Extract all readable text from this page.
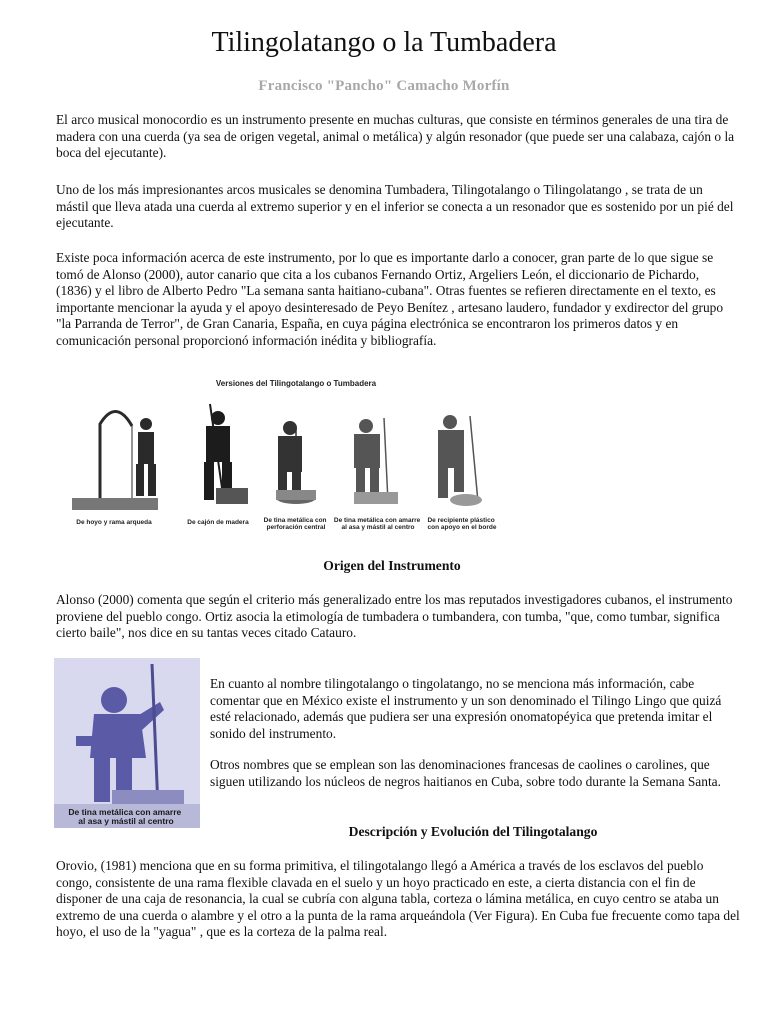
Tilingolatango o la Tumbadera
Francisco "Pancho" Camacho Morfín

El arco musical monocordio es un instrumento presente en muchas culturas, que consiste en términos generales de una tira de madera con una cuerda (ya sea de origen vegetal, animal o metálica) y algún resonador (que puede ser una calabaza, cajón o la boca del ejecutante).

Uno de los más impresionantes arcos musicales se denomina Tumbadera, Tilingotalango o Tilingolatango , se trata de un mástil que lleva atada una cuerda al extremo superior y en el inferior se conecta a un resonador que es sostenido por un pié del ejecutante.

Existe poca información acerca de este instrumento, por lo que es importante darlo a conocer, gran parte de lo que sigue se tomó de Alonso (2000), autor canario que cita a los cubanos Fernando Ortiz, Argeliers León, el diccionario de Pichardo, (1836) y el libro de Alberto Pedro "La semana santa haitiano-cubana". Otras fuentes se refieren directamente en el texto, es importante mencionar la ayuda y el apoyo desinteresado de Peyo Benítez , artesano laudero, fundador y exdirector del grupo "la Parranda de Terror", de Gran Canaria, España, en cuya página electrónica se encontraron los primeros datos y en comunicación personal proporcionó información inédita y bibliografía.

Versiones del Tilingotalango o Tumbadera
De hoyo y rama arqueda	De cajón de madera De tina metálica con perforación central
De tina metálica con amarre al asa y mástil al centro
De recipiente plástico con apoyo en el borde
Origen del Instrumento

Alonso (2000) comenta que según el criterio más generalizado entre los mas reputados investigadores cubanos, el instrumento proviene del pueblo congo. Ortiz asocia la etimología de tumbadera o tumbandera, con tumba, "que, como tumbar, significa cierto baile", nos dice en su tantas veces citado Catauro.

De tina metálica con amarre al asa y mástil al centro

En cuanto al nombre tilingotalango o tingolatango, no se menciona más información, cabe comentar que en México existe el instrumento y un son denominado el Tilingo Lingo que quizá esté relacionado, además que pudiera ser una expresión onomatopéyica que pretenda imitar el sonido del instrumento.

Otros nombres que se emplean son las denominaciones francesas de caolines o carolines, que siguen utilizando los núcleos de negros haitianos en Cuba, sobre todo durante la Semana Santa.

Descripción y Evolución del Tilingotalango

Orovio, (1981) menciona que en su forma primitiva, el tilingotalango llegó a América a través de los esclavos del pueblo congo, consistente de una rama flexible clavada en el suelo y un hoyo practicado en este, a cierta distancia con el fin de disponer de una caja de resonancia, la cual se cubría con alguna tabla, corteza o lámina metálica, en cuyo centro se ataba un extremo de una cuerda o alambre y el otro a la punta de la rama arqueándola (Ver Figura). En Cuba fue frecuente como tapa del hoyo, el uso de la "yagua" , que es la corteza de la palma real.
